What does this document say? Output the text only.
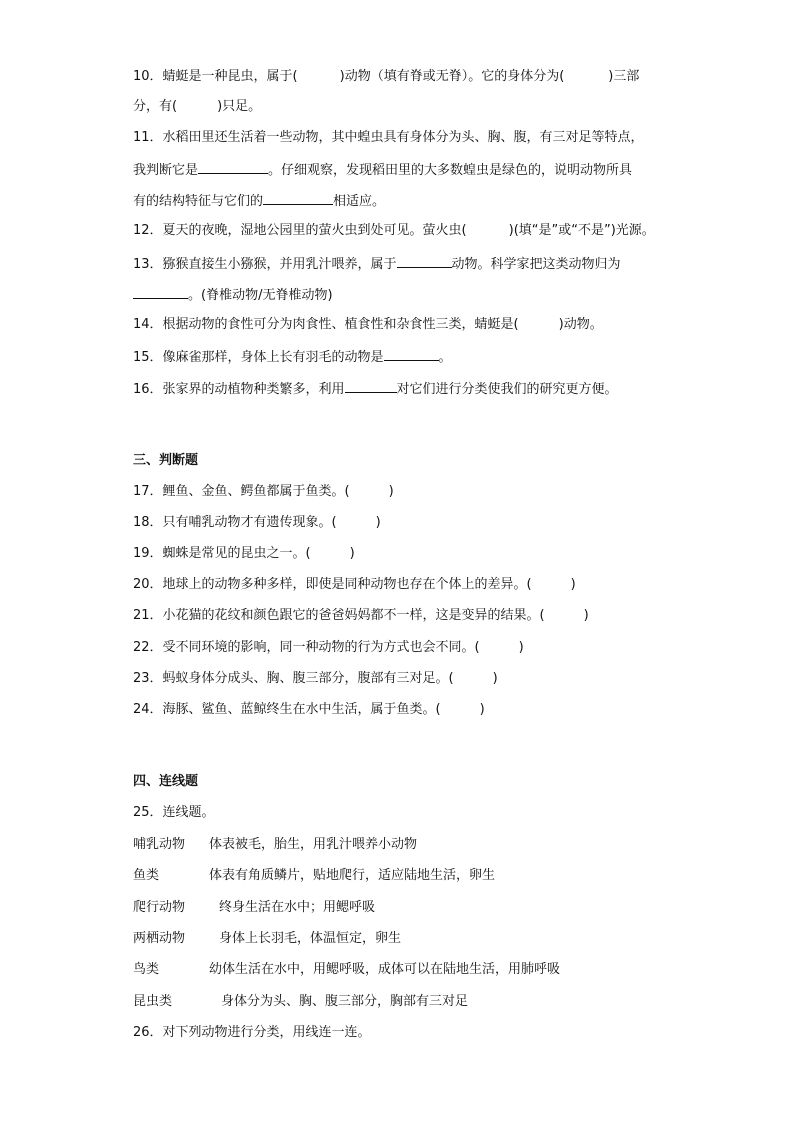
10．蜻蜓是一种昆虫，属于(	)动物（填有脊或无脊）。它的身体分为(	)三部
分，有(	)只足。
11．水稻田里还生活着一些动物，其中蝗虫具有身体分为头、胸、腹，有三对足等特点，
我判断它是	。仔细观察，发现稻田里的大多数蝗虫是绿色的，说明动物所具
有的结构特征与它们的	相适应。
12．夏天的夜晚，湿地公园里的萤火虫到处可见。萤火虫(	)(填“是”或“不是”)光源。
13．猕猴直接生小猕猴，并用乳汁喂养，属于	动物。科学家把这类动物归为
。(脊椎动物/无脊椎动物)
14．根据动物的食性可分为肉食性、植食性和杂食性三类，蜻蜓是(	)动物。
15．像麻雀那样，身体上长有羽毛的动物是	。
16．张家界的动植物种类繁多，利用	对它们进行分类使我们的研究更方便。
三、判断题
17．鲤鱼、金鱼、鳄鱼都属于鱼类。(　　　)
18．只有哺乳动物才有遗传现象。(　　　)
19．蜘蛛是常见的昆虫之一。(　　　)
20．地球上的动物多种多样，即使是同种动物也存在个体上的差异。(　　　)
21．小花猫的花纹和颜色跟它的爸爸妈妈都不一样，这是变异的结果。(　　　)
22．受不同环境的影响，同一种动物的行为方式也会不同。(　　　)
23．蚂蚁身体分成头、胸、腹三部分，腹部有三对足。(　　　)
24．海豚、鲨鱼、蓝鲸终生在水中生活，属于鱼类。(　　　)
四、连线题
25．连线题。
哺乳动物 体表被毛，胎生，用乳汁喂养小动物
鱼类	体表有角质鳞片，贴地爬行，适应陆地生活，卵生
爬行动物	终身生活在水中；用鳃呼吸
两栖动物	身体上长羽毛，体温恒定，卵生
鸟类	幼体生活在水中，用鳃呼吸，成体可以在陆地生活，用肺呼吸
昆虫类	身体分为头、胸、腹三部分，胸部有三对足
26．对下列动物进行分类，用线连一连。
